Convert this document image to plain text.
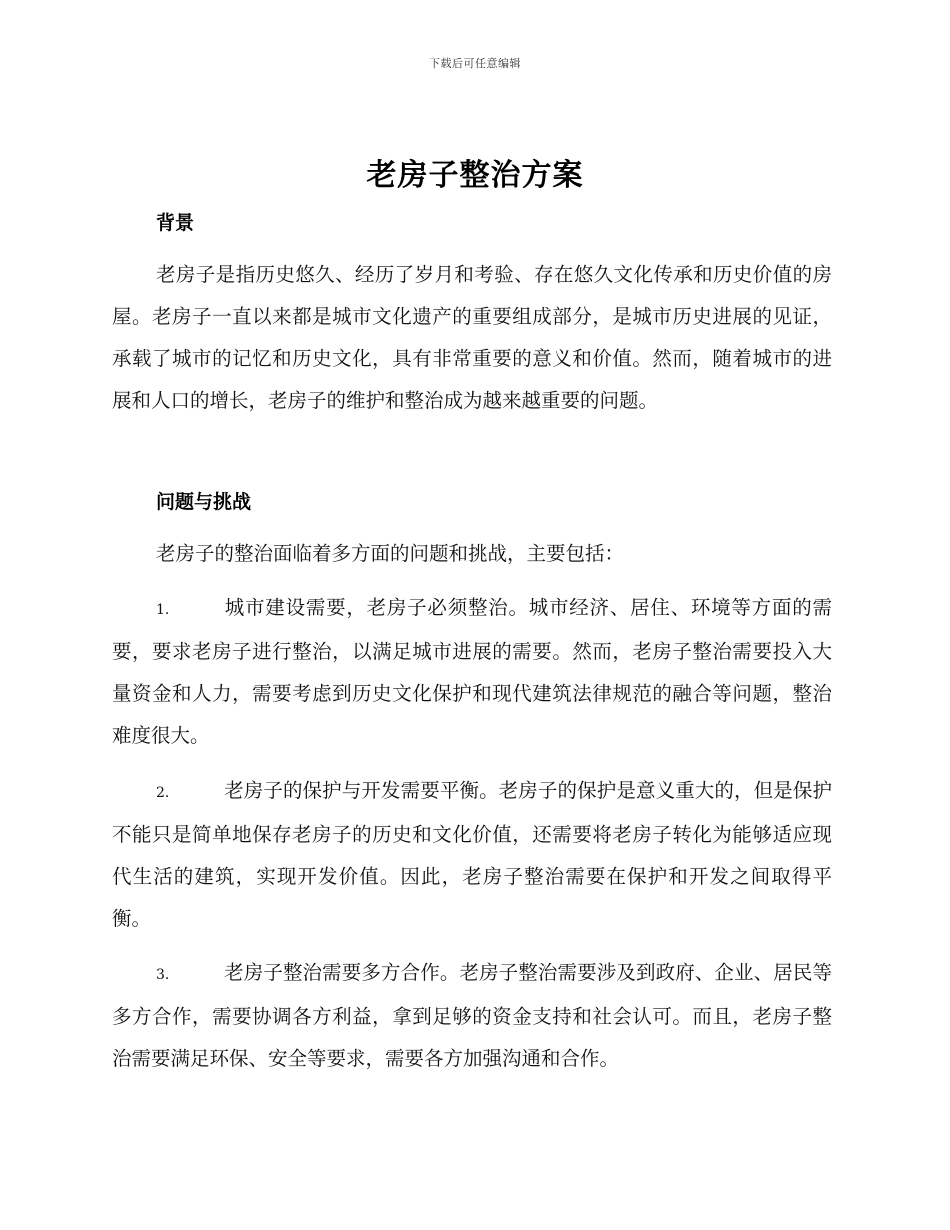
下载后可任意编辑
老房子整治方案
背景

老房子是指历史悠久、经历了岁月和考验、存在悠久文化传承和历史价值的房屋。老房子一直以来都是城市文化遗产的重要组成部分，是城市历史进展的见证，承载了城市的记忆和历史文化，具有非常重要的意义和价值。然而，随着城市的进展和人口的增长，老房子的维护和整治成为越来越重要的问题。

问题与挑战

老房子的整治面临着多方面的问题和挑战，主要包括：

1.	城市建设需要，老房子必须整治。城市经济、居住、环境等方面的需要，要求老房子进行整治，以满足城市进展的需要。然而，老房子整治需要投入大量资金和人力，需要考虑到历史文化保护和现代建筑法律规范的融合等问题，整治难度很大。

2.	老房子的保护与开发需要平衡。老房子的保护是意义重大的，但是保护不能只是简单地保存老房子的历史和文化价值，还需要将老房子转化为能够适应现代生活的建筑，实现开发价值。因此，老房子整治需要在保护和开发之间取得平衡。

3.	老房子整治需要多方合作。老房子整治需要涉及到政府、企业、居民等多方合作，需要协调各方利益，拿到足够的资金支持和社会认可。而且，老房子整治需要满足环保、安全等要求，需要各方加强沟通和合作。
